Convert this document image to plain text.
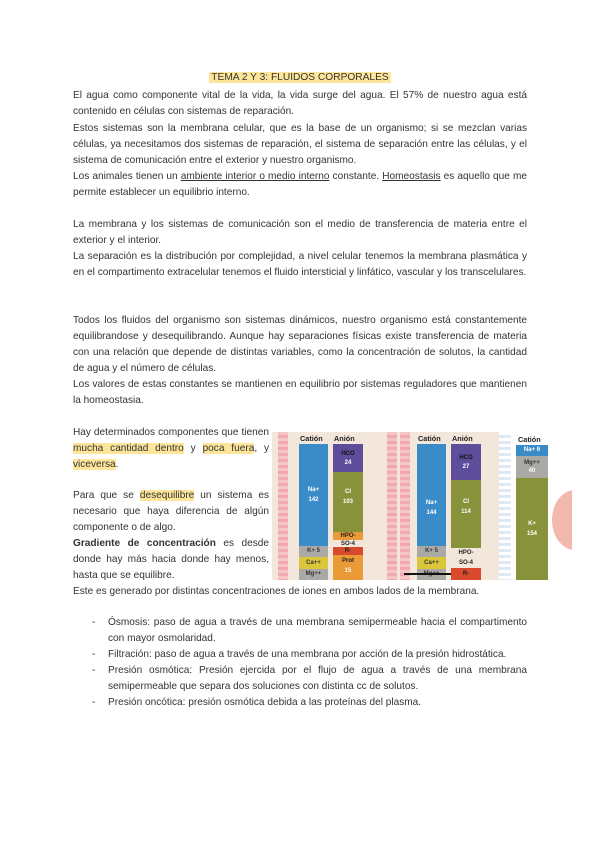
TEMA 2 Y 3: FLUIDOS CORPORALES

El agua como componente vital de la vida, la vida surge del agua. El 57% de nuestro agua está contenido en células con sistemas de reparación.

Estos sistemas son la membrana celular, que es la base de un organismo; si se mezclan varias células, ya necesitamos dos sistemas de reparación, el sistema de separación entre las células, y el sistema de comunicación entre el exterior y nuestro organismo.

Los animales tienen un ambiente interior o medio interno constante. Homeostasis es aquello que me permite establecer un equilibrio interno.

La membrana y los sistemas de comunicación son el medio de transferencia de materia entre el exterior y el interior.

La separación es la distribución por complejidad, a nivel celular tenemos la membrana plasmática y en el compartimento extracelular tenemos el fluido intersticial y linfático, vascular y los transcelulares.

Todos los fluidos del organismo son sistemas dinámicos, nuestro organismo está constantemente equilibrandose y desequilibrando. Aunque hay separaciones físicas existe transferencia de materia con una relación que depende de distintas variables, como la concentración de solutos, la cantidad de agua y el número de células.

Los valores de estas constantes se mantienen en equilibrio por sistemas reguladores que mantienen la homeostasia.

Hay determinados componentes que tienen mucha cantidad dentro y poca fuera, y viceversa.

Para que se desequilibre un sistema es necesario que haya diferencia de algún componente o de algo.

Gradiente de concentración es desde donde hay más hacia donde hay menos, hasta que se equilibre.

Este es generado por distintas concentraciones de iones en ambos lados de la membrana.

- Ósmosis: paso de agua a través de una membrana semipermeable hacia el compartimento con mayor osmolaridad.
- Filtración: paso de agua a través de una membrana por acción de la presión hidrostática.
- Presión osmótica: Presión ejercida por el flujo de agua a través de una membrana semipermeable que separa dos soluciones con distinta cc de solutos.
- Presión oncótica: presión osmótica debida a las proteínas del plasma.
Catión Anión
Na+
142
K+ 5
Ca++
Mg++
HCO
24
Cl
103
HPO-
SO-4
R-
Prot
15
Catión Anión
Na+
144
K+ 5
Ca++
HCO
27
Cl
114
HPO-
SO-4
R-
Catión
Na+ 6
Mg++
40
K+
154
